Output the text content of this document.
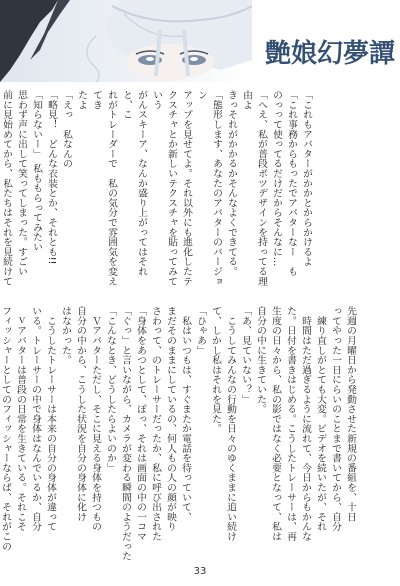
艶娘幻夢譚

「これもアバターがかかとからかけるよ

「これ事務からもったでアバターなー　も

のっって使ってるだけだからそんなに…

「へえ、私が普段ボツデザインを持ってる理由よ

きっそれがかかるかそんなよくできてる。

「態形します、あなたのアバターのバージョン

アップを見せてよ。それ以外にも進化したテ

クスチャとか新しいテクスチャを貼ってみていう

がんスキーア、なんか盛り上がってはそれと、こ

れがトレーダーで　私の気分で雰囲気を変えてき

たよ

「えっ　私なんの

「略見！　どんな衣装とか、それとも!!

「知らないー」　私ももらってみたい

思わず声に出して笑ってしまった。すごい

前に見始めてから、私たちはそれを見続けて

先週の月曜日から発動させた新規の番組を、十日

ってやった一日にらいのことまで書いてから、自分

　練り直しがとても大変。ビデオを続いたが、それ

　時間はただ過ぎるように流れて、今日からもかんな

た。日付を書きはじめる。こうしたトレーサーは、再

生度の日々から、私の影ではなく必要となって、私は

自分の中に生きていた。

「あ、見ていない？」

　こうしてみんなの行動を日々のゆくままに追い続け

て、しかし私はそれを見た。

「ひゃあ」

　私はいつもは、すぐまたか電話を待っていて、

まだそのままにしているの、何人もの人の顔が映り

さわって、のトレーサーだったか、私に呼び出された

「身体をあつとして、ぽっ、それは画面の中の一コマ

「ぐっ」と言いながら、カメラが変わる瞬間のようだった

「こんなとき、どうしたらよいのか」

　Ｖアバターただし、そこに見える身体を持つもの

自分の中から、こうした状況を自分の身体に化け

はなかった。

　こうしたトレーサーは本来の自分の身体が違って

いる。トレーサーの中で身体はなんでいるか、自分

　ｖアバターは普段の日常を生きている。それこそ

フィッシャーとしてのフィッシャーならば、それがこの

33
